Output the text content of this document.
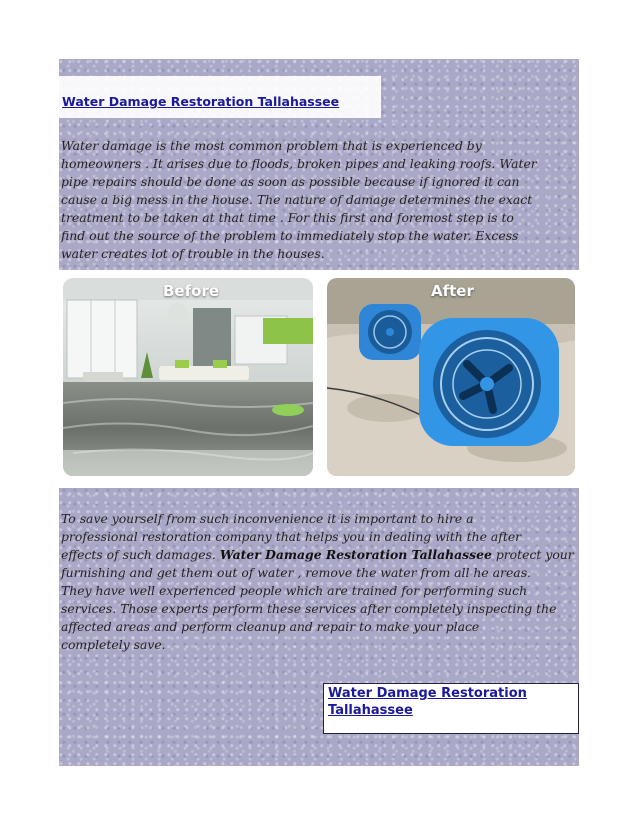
Water Damage Restoration Tallahassee

Water damage is the most common problem that is experienced by
homeowners . It arises due to floods, broken pipes and leaking roofs. Water
pipe repairs should be done as soon as possible because if ignored it can
cause a big mess in the house. The nature of damage determines the exact
treatment to be taken at that time . For this first and foremost step is to
find out the source of the problem to immediately stop the water. Excess
water creates lot of trouble in the houses.

Before	After

To save yourself from such inconvenience it is important to hire a
professional restoration company that helps you in dealing with the after
effects of such damages. Water Damage Restoration Tallahassee protect your
furnishing and get them out of water , remove the water from all he areas.
They have well experienced people which are trained for performing such
services. Those experts perform these services after completely inspecting the
affected areas and perform cleanup and repair to make your place
completely save.

Water Damage Restoration Tallahassee
